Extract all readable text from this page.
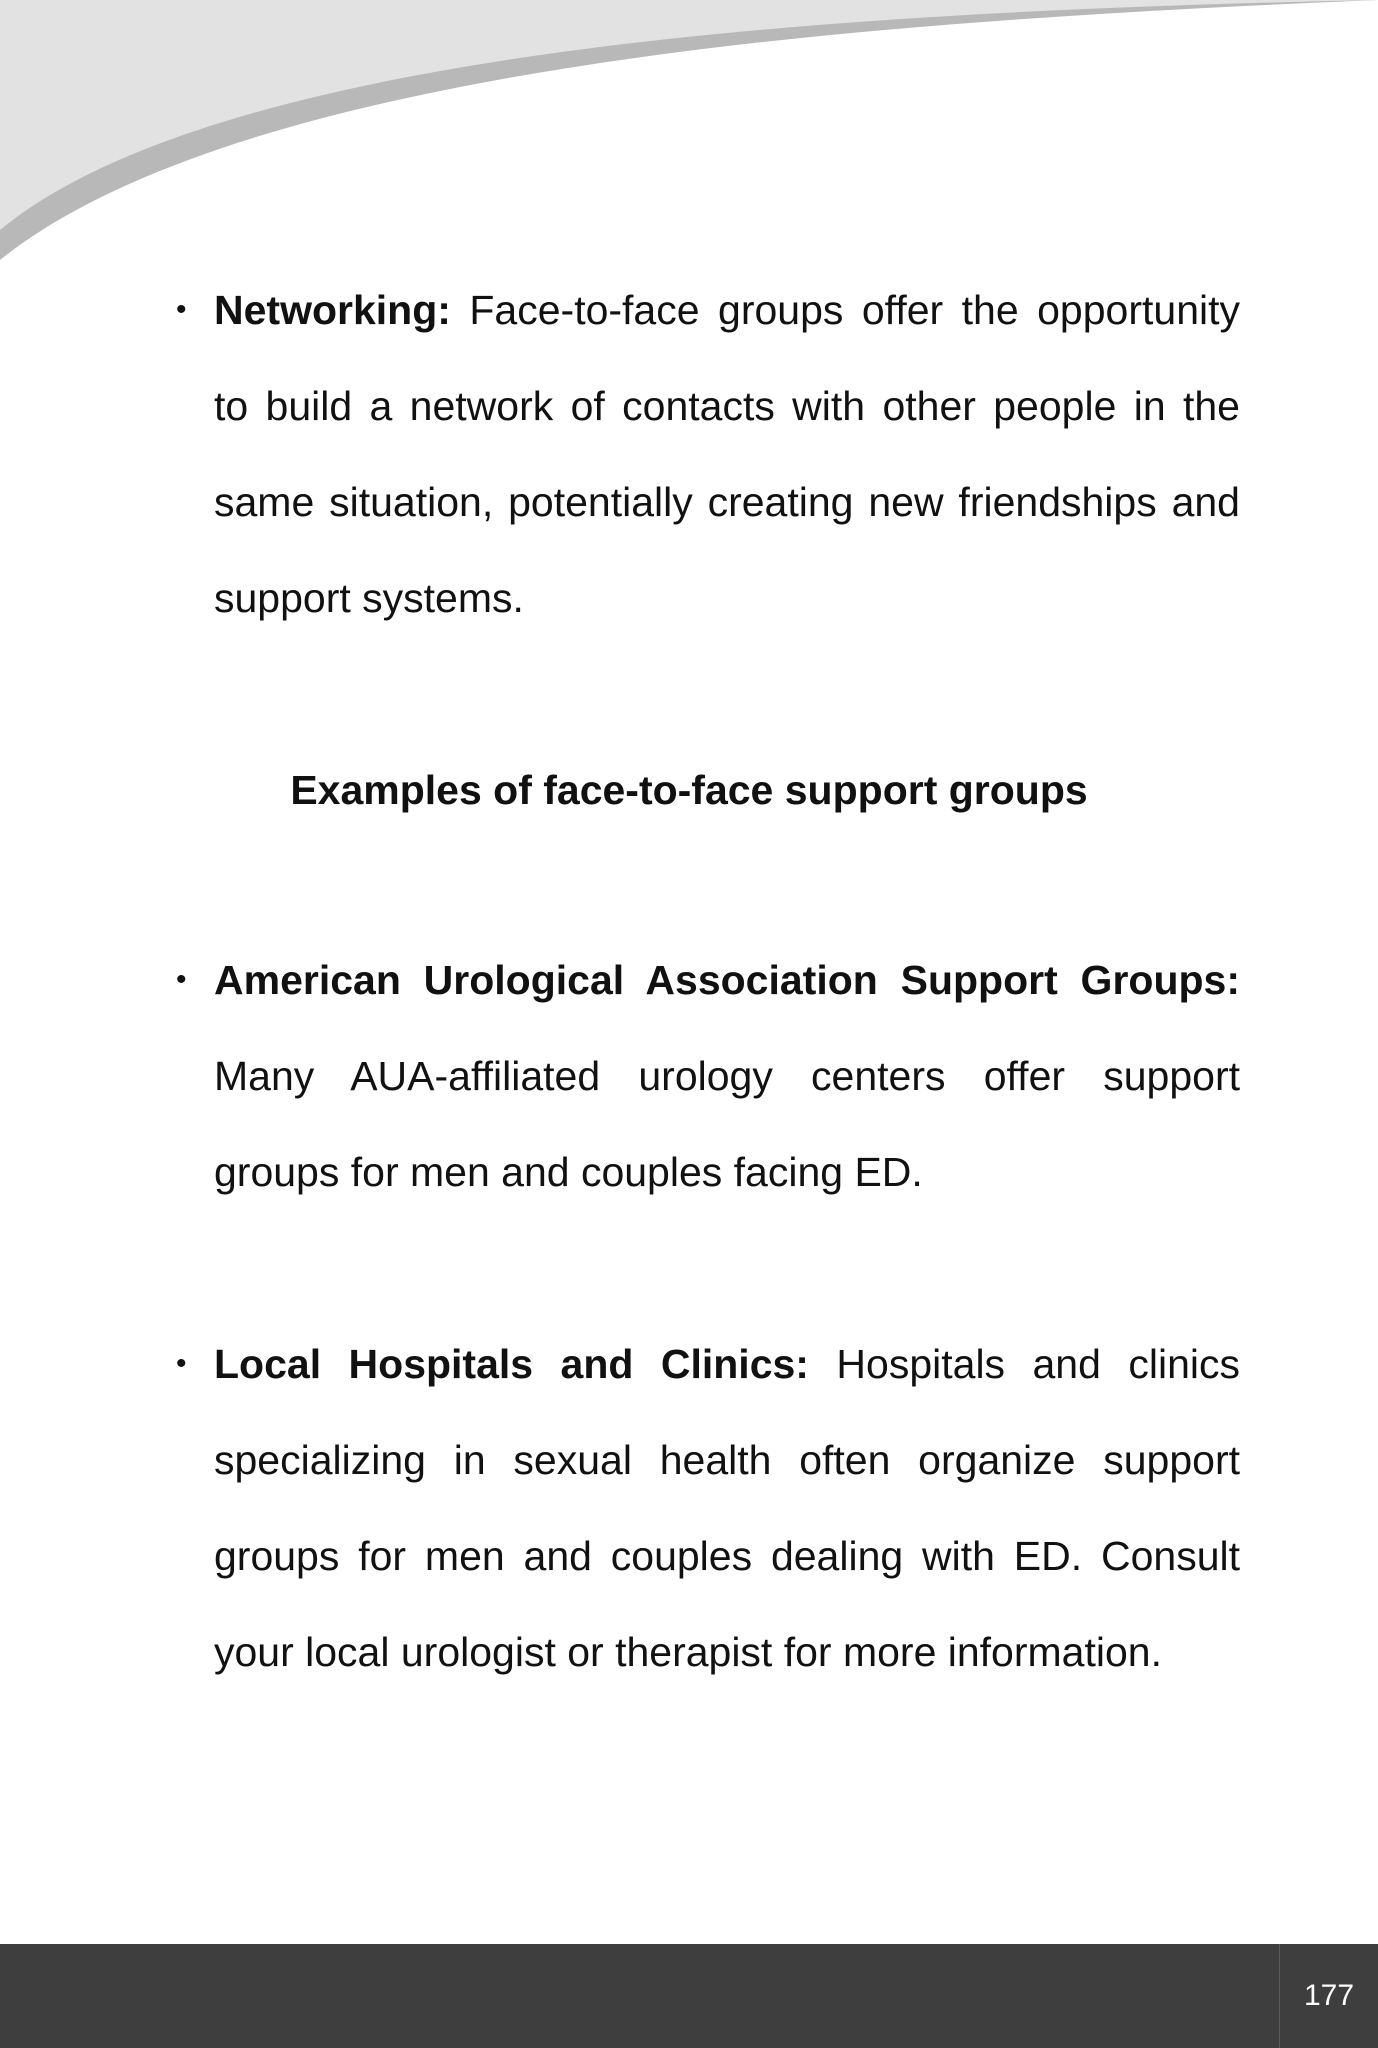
• Networking: Face-to-face groups offer the opportunity to build a network of contacts with other people in the same situation, potentially creating new friendships and support systems.
Examples of face-to-face support groups
• American Urological Association Support Groups: Many AUA-affiliated urology centers offer support groups for men and couples facing ED.
• Local Hospitals and Clinics: Hospitals and clinics specializing in sexual health often organize support groups for men and couples dealing with ED. Consult your local urologist or therapist for more information.
177
